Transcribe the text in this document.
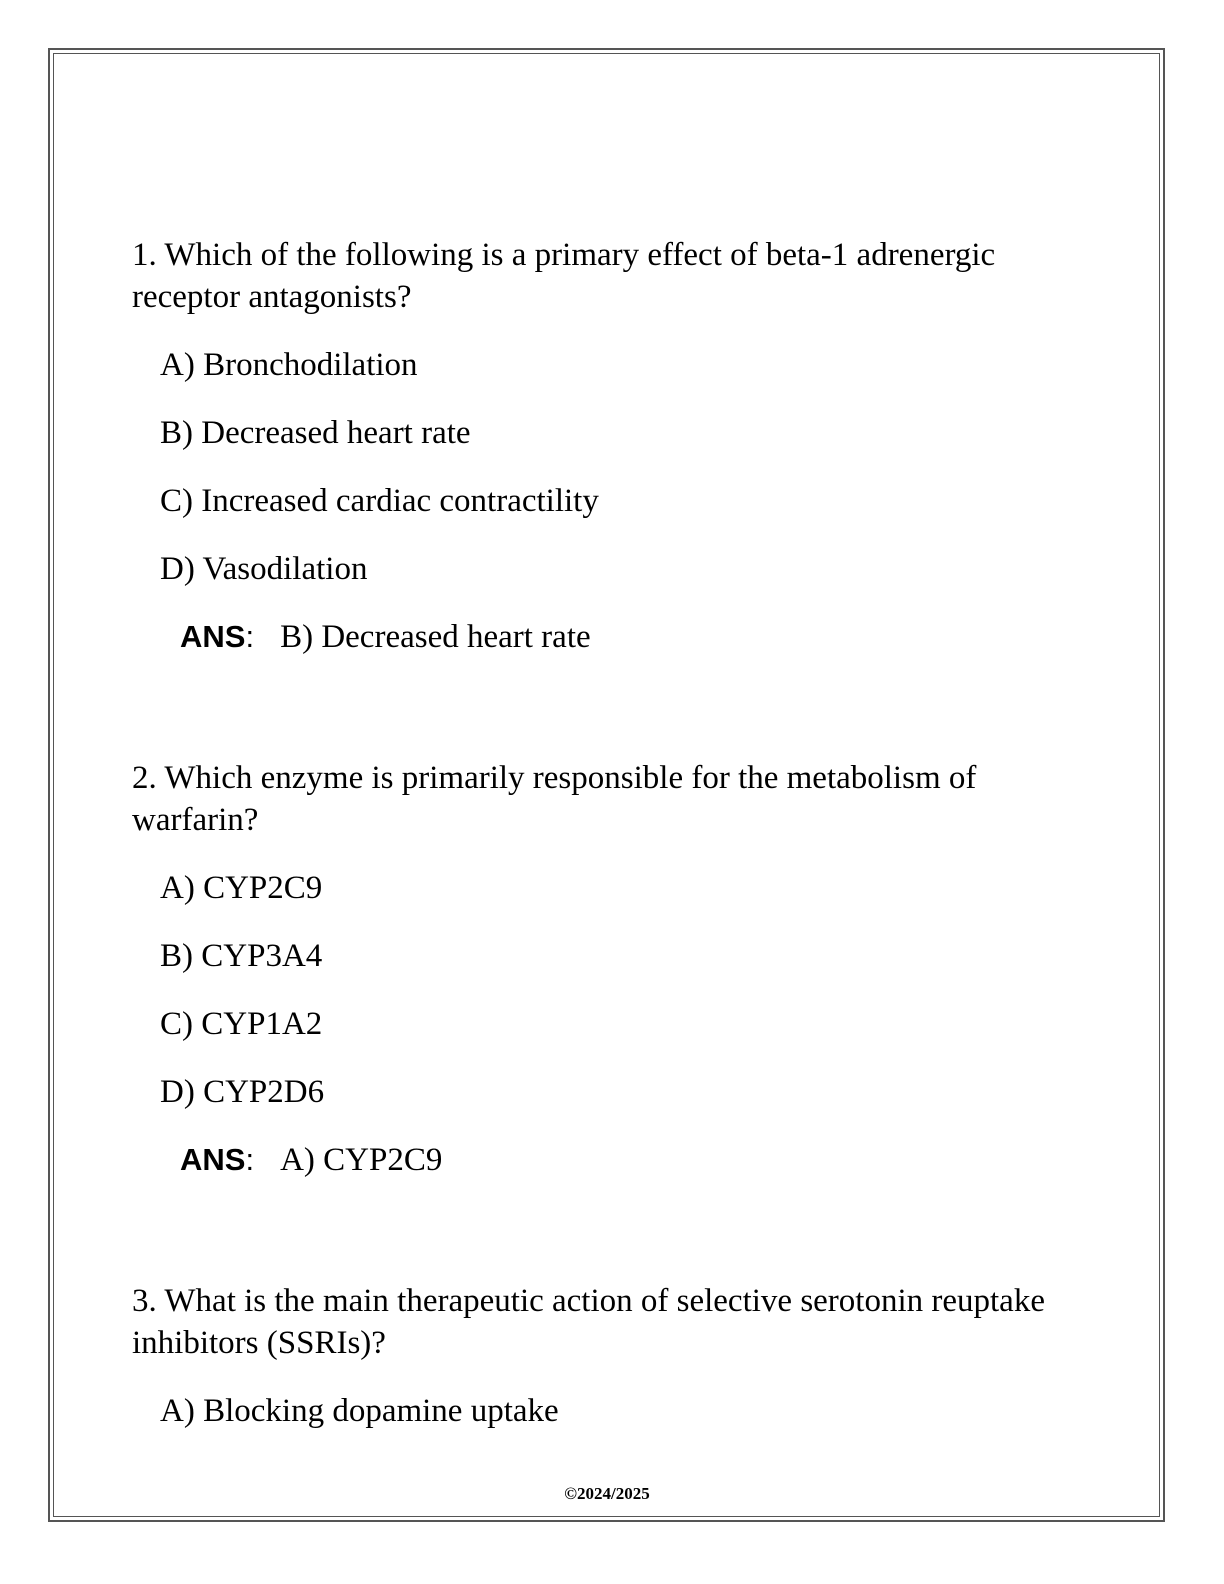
1. Which of the following is a primary effect of beta-1 adrenergic receptor antagonists?

A) Bronchodilation
B) Decreased heart rate
C) Increased cardiac contractility
D) Vasodilation
ANS: B) Decreased heart rate

2. Which enzyme is primarily responsible for the metabolism of warfarin?

A) CYP2C9
B) CYP3A4
C) CYP1A2
D) CYP2D6
ANS: A) CYP2C9

3. What is the main therapeutic action of selective serotonin reuptake inhibitors (SSRIs)?

A) Blocking dopamine uptake
©2024/2025
